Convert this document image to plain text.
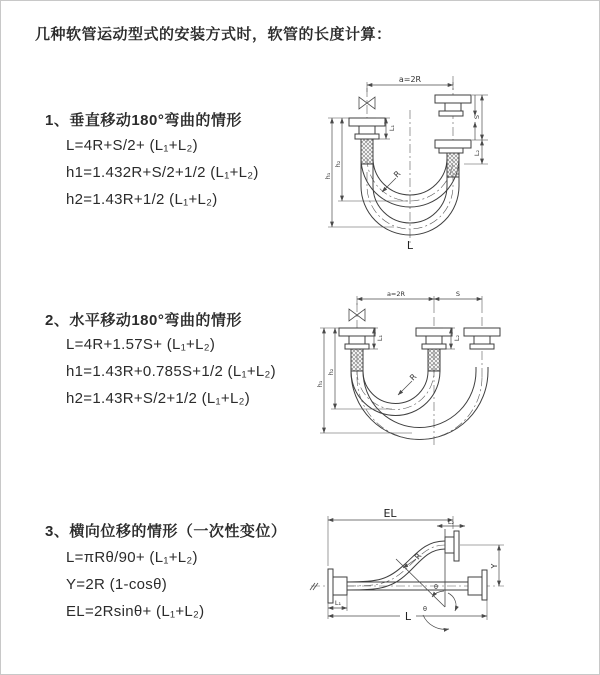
几种软管运动型式的安装方式时，软管的长度计算：
1、垂直移动180°弯曲的情形
L=4R+S/2+ (L₁+L₂)
h1=1.432R+S/2+1/2 (L₁+L₂)
h2=1.43R+1/2 (L₁+L₂)
2、水平移动180°弯曲的情形
L=4R+1.57S+ (L₁+L₂)
h1=1.43R+0.785S+1/2 (L₁+L₂)
h2=1.43R+S/2+1/2 (L₁+L₂)
3、横向位移的情形（一次性变位）
L=πRθ/90+ (L₁+L₂)
Y=2R (1-cosθ)
EL=2Rsinθ+ (L₁+L₂)
a=2R
S
L₂
L₁
h₂
h₁	R
L
a=2R	S
L₁	L₂
h₂
h₁
R
θ
θ
R
EL
L₂
Y
L₁
L
